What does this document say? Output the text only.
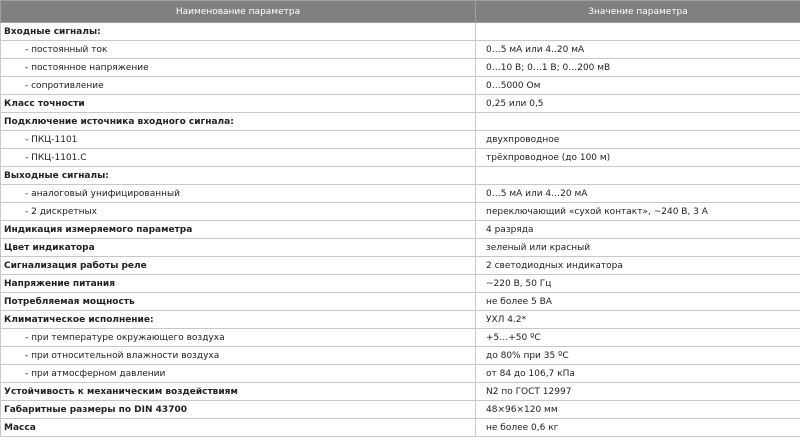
Наименование параметра	Значение параметра
Входные сигналы:	
- постоянный ток	0…5 мА или 4..20 мА
- постоянное напряжение	0…10 В; 0…1 В; 0…200 мВ
- сопротивление	0…5000 Ом
Класс точности	0,25 или 0,5
Подключение источника входного сигнала:	
- ПКЦ-1101	двухпроводное
- ПКЦ-1101.С	трёхпроводное (до 100 м)
Выходные сигналы:	
- аналоговый унифицированный	0…5 мА или 4…20 мА
- 2 дискретных	переключающий «сухой контакт», ~240 В, 3 А
Индикация измеряемого параметра	4 разряда
Цвет индикатора	зеленый или красный
Сигнализация работы реле	2 светодиодных индикатора
Напряжение питания	~220 В, 50 Гц
Потребляемая мощность	не более 5 ВА
Климатическое исполнение:	УХЛ 4.2*
- при температуре окружающего воздуха	+5…+50 ºС
- при относительной влажности воздуха	до 80% при 35 ºС
- при атмосферном давлении	от 84 до 106,7 кПа
Устойчивость к механическим воздействиям	N2 по ГОСТ 12997
Габаритные размеры по DIN 43700	48×96×120 мм
Масса	не более 0,6 кг
